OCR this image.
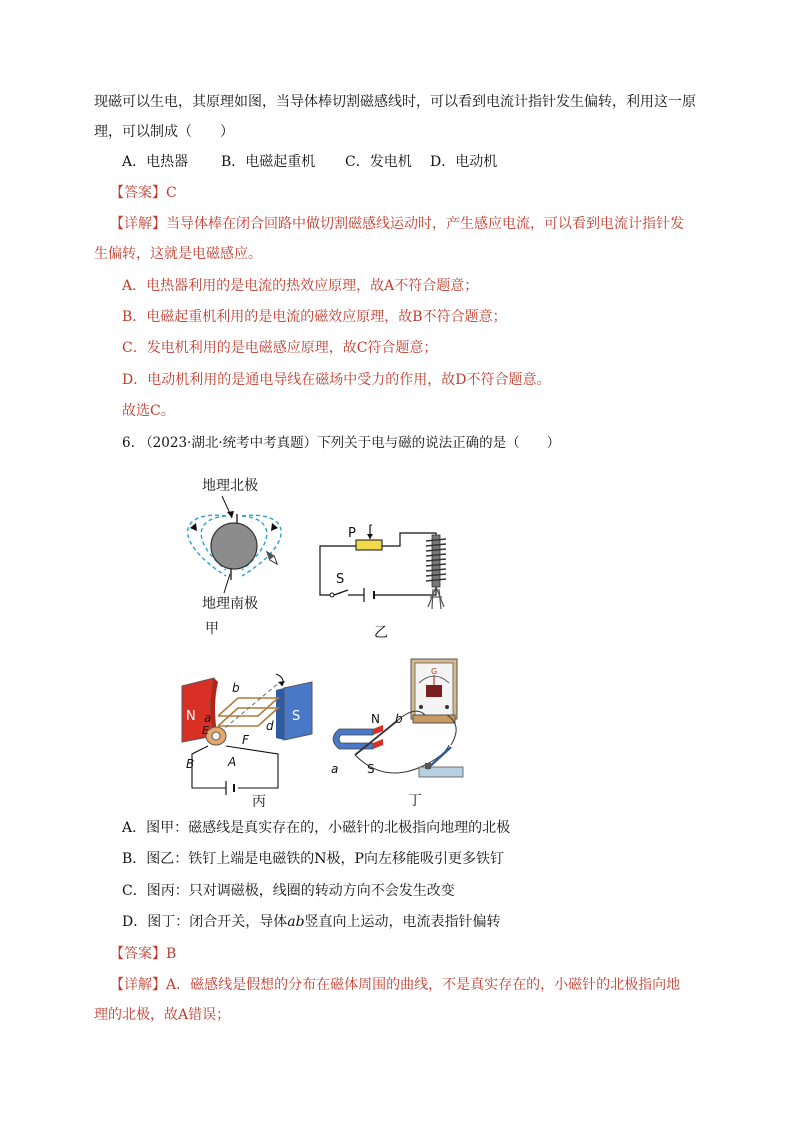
现磁可以生电，其原理如图，当导体棒切割磁感线时，可以看到电流计指针发生偏转，利用这一原
理，可以制成（　　）
A．电热器 B．电磁起重机 C．发电机 D．电动机
【答案】C
【详解】当导体棒在闭合回路中做切割磁感线运动时，产生感应电流，可以看到电流计指针发
生偏转，这就是电磁感应。
A．电热器利用的是电流的热效应原理，故A不符合题意；
B．电磁起重机利用的是电流的磁效应原理，故B不符合题意；
C．发电机利用的是电磁感应原理，故C符合题意；
D．电动机利用的是通电导线在磁场中受力的作用，故D不符合题意。
故选C。
6. （2023·湖北·统考中考真题）下列关于电与磁的说法正确的是（　　）
地理北极
地理南极
甲
P
S
乙
N	S
b
a
d
E
F
B	A
丙
G
N
S
b
a
丁
A．图甲：磁感线是真实存在的，小磁针的北极指向地理的北极
B．图乙：铁钉上端是电磁铁的N极，P向左移能吸引更多铁钉
C．图丙：只对调磁极，线圈的转动方向不会发生改变
D．图丁：闭合开关，导体ab竖直向上运动，电流表指针偏转
【答案】B
【详解】A．磁感线是假想的分布在磁体周围的曲线，不是真实存在的，小磁针的北极指向地
理的北极，故A错误；
